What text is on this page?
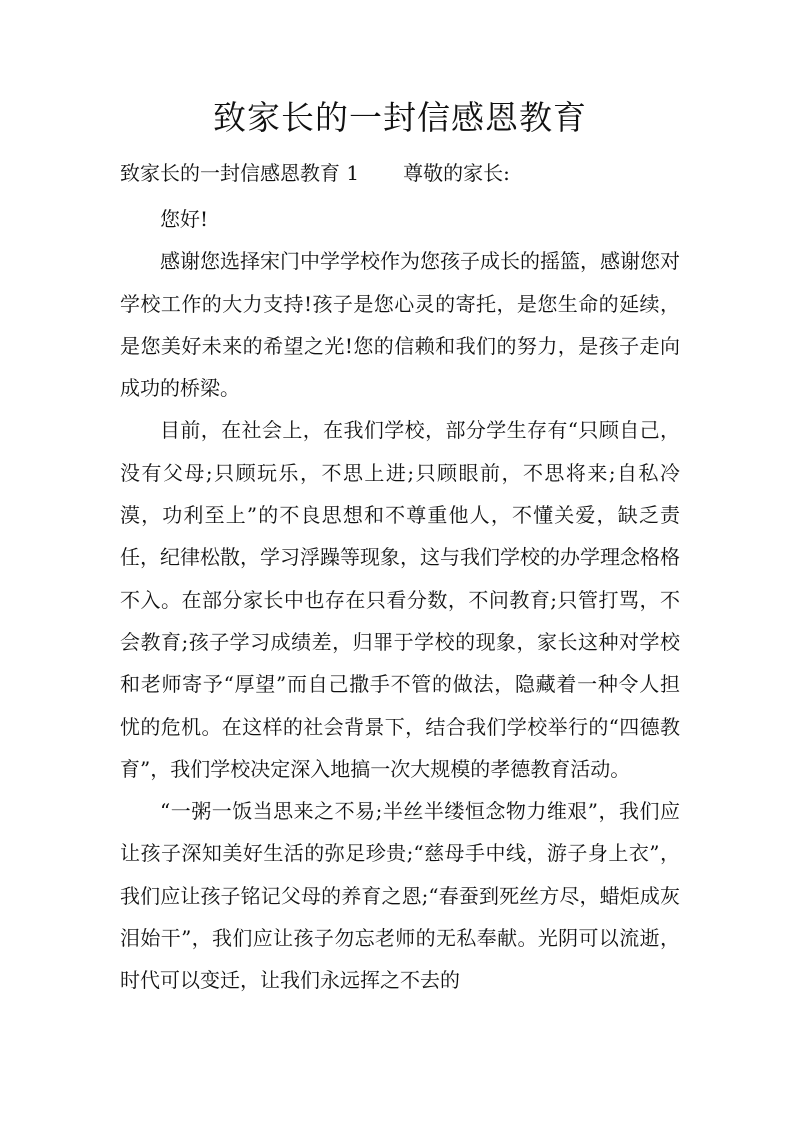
致家长的一封信感恩教育
致家长的一封信感恩教育 1 尊敬的家长:

您好!

感谢您选择宋门中学学校作为您孩子成长的摇篮，感谢您对学校工作的大力支持!孩子是您心灵的寄托，是您生命的延续，是您美好未来的希望之光!您的信赖和我们的努力，是孩子走向成功的桥梁。

目前，在社会上，在我们学校，部分学生存有“只顾自己，没有父母;只顾玩乐，不思上进;只顾眼前，不思将来;自私冷漠，功利至上”的不良思想和不尊重他人，不懂关爱，缺乏责任，纪律松散，学习浮躁等现象，这与我们学校的办学理念格格不入。在部分家长中也存在只看分数，不问教育;只管打骂，不会教育;孩子学习成绩差，归罪于学校的现象，家长这种对学校和老师寄予“厚望”而自己撒手不管的做法，隐藏着一种令人担忧的危机。在这样的社会背景下，结合我们学校举行的“四德教育”，我们学校决定深入地搞一次大规模的孝德教育活动。

“一粥一饭当思来之不易;半丝半缕恒念物力维艰”，我们应让孩子深知美好生活的弥足珍贵;“慈母手中线，游子身上衣”，我们应让孩子铭记父母的养育之恩;“春蚕到死丝方尽，蜡炬成灰泪始干”，我们应让孩子勿忘老师的无私奉献。光阴可以流逝，时代可以变迁，让我们永远挥之不去的
